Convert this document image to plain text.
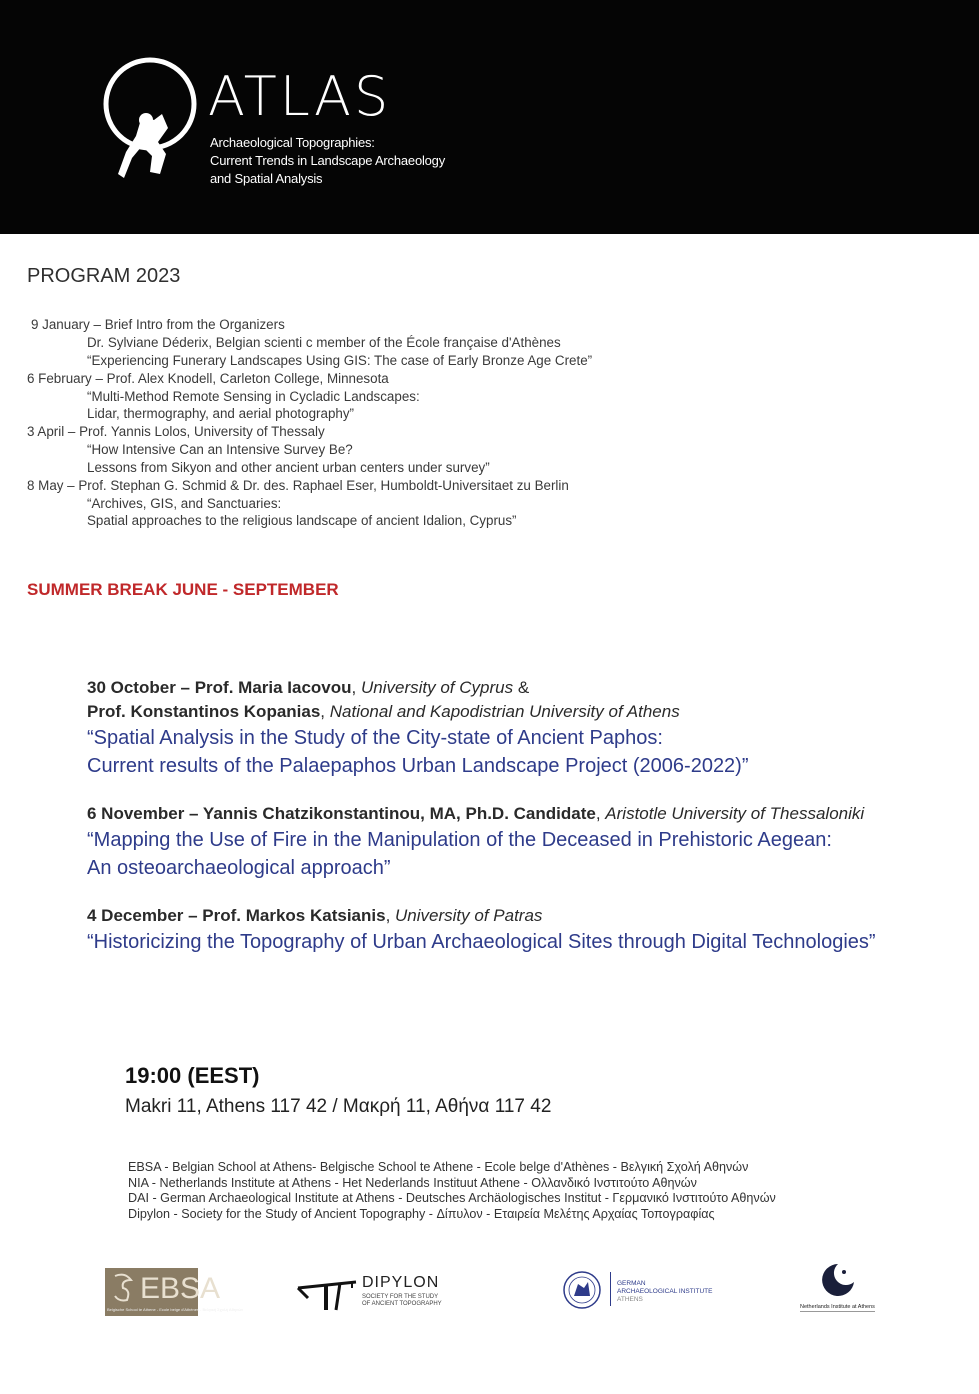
ATLAS
Archaeological Topographies:
Current Trends in Landscape Archaeology
and Spatial Analysis
PROGRAM 2023
9 January – Brief Intro from the Organizers
Dr. Sylviane Déderix, Belgian scienti c member of the École française d'Athènes
“Experiencing Funerary Landscapes Using GIS: The case of Early Bronze Age Crete”
6 February – Prof. Alex Knodell, Carleton College, Minnesota
“Multi-Method Remote Sensing in Cycladic Landscapes:
Lidar, thermography, and aerial photography”
3 April – Prof. Yannis Lolos, University of Thessaly
“How Intensive Can an Intensive Survey Be?
Lessons from Sikyon and other ancient urban centers under survey”
8 May – Prof. Stephan G. Schmid & Dr. des. Raphael Eser, Humboldt-Universitaet zu Berlin
“Archives, GIS, and Sanctuaries:
Spatial approaches to the religious landscape of ancient Idalion, Cyprus”
SUMMER BREAK JUNE - SEPTEMBER
30 October – Prof. Maria Iacovou, University of Cyprus &
Prof. Konstantinos Kopanias, National and Kapodistrian University of Athens
“Spatial Analysis in the Study of the City-state of Ancient Paphos:
Current results of the Palaepaphos Urban Landscape Project (2006-2022)”
6 November – Yannis Chatzikonstantinou, MA, Ph.D. Candidate, Aristotle University of Thessaloniki
“Mapping the Use of Fire in the Manipulation of the Deceased in Prehistoric Aegean:
An osteoarchaeological approach”
4 December – Prof. Markos Katsianis, University of Patras
“Historicizing the Topography of Urban Archaeological Sites through Digital Technologies”
19:00 (EEST)
Makri 11, Athens 117 42 / Μακρή 11, Αθήνα 117 42
EBSA - Belgian School at Athens- Belgische School te Athene - Ecole belge d'Athènes - Βελγική Σχολή Αθηνών
NIA - Netherlands Institute at Athens - Het Nederlands Instituut Athene - Ολλανδικό Ινστιτούτο Αθηνών
DAI - German Archaeological Institute at Athens - Deutsches Archäologisches Institut - Γερμανικό Ινστιτούτο Αθηνών
Dipylon - Society for the Study of Ancient Topography - Δίπυλον - Εταιρεία Μελέτης Αρχαίας Τοπογραφίας
EBSA
Belgische School te Athene - Ecole belge d'Athènes - Βελγική Σχολή Αθηνών
DIPYLON
SOCIETY FOR THE STUDY
OF ANCIENT TOPOGRAPHY
GERMAN
ARCHAEOLOGICAL INSTITUTE
ATHENS
Netherlands Institute at Athens
